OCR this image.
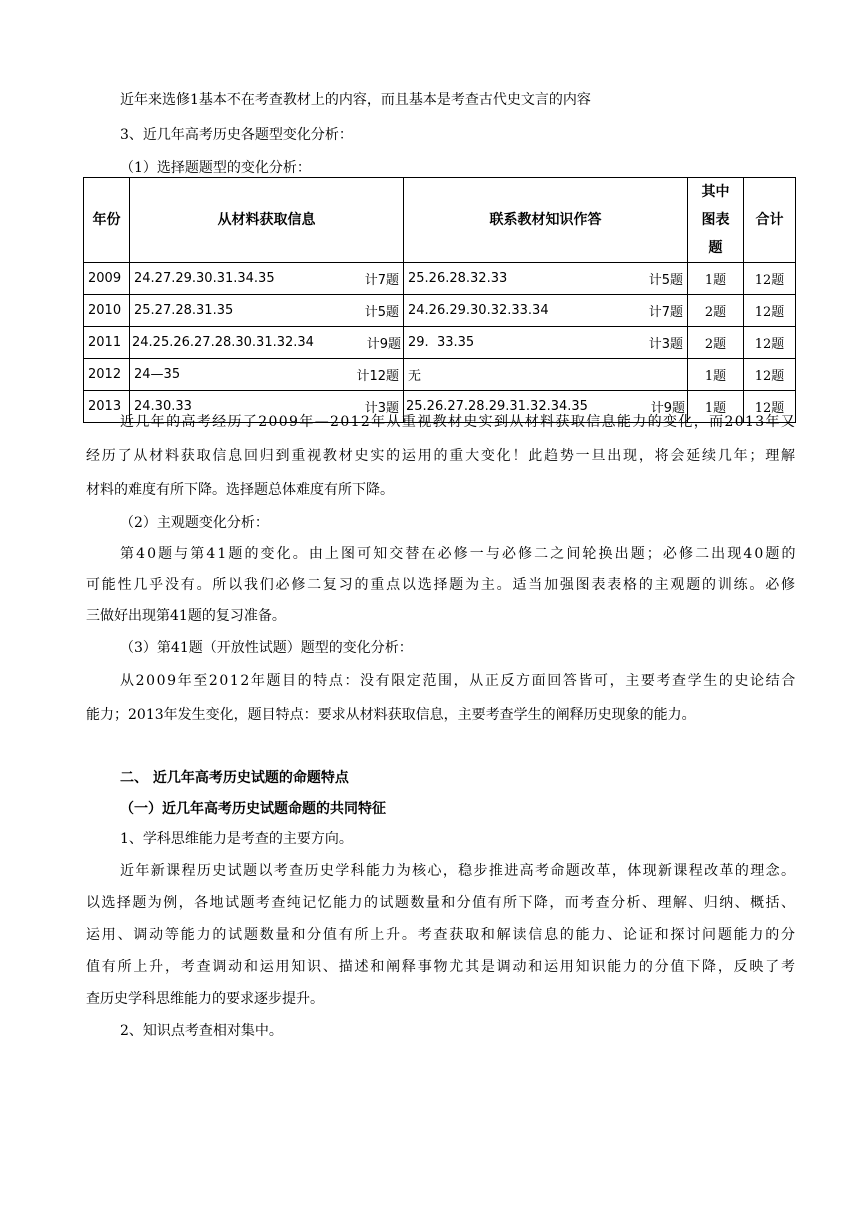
近年来选修1基本不在考查教材上的内容，而且基本是考查古代史文言的内容
3、近几年高考历史各题型变化分析：
（1）选择题题型的变化分析：
年份	从材料获取信息	联系教材知识作答	其中图表题	合计
2009	24.27.29.30.31.34.35 计7题	25.26.28.32.33 计5题	1题	12题
2010	25.27.28.31.35 计5题	24.26.29.30.32.33.34 计7题	2题	12题
2011	24.25.26.27.28.30.31.32.34 计9题	29.  33.35 计3题	2题	12题
2012	24—35 计12题	无	1题	12题
2013	24.30.33 计3题	25.26.27.28.29.31.32.34.35 计9题	1题	12题
近几年的高考经历了2009年—2012年从重视教材史实到从材料获取信息能力的变化，而2013年又
经历了从材料获取信息回归到重视教材史实的运用的重大变化！此趋势一旦出现，将会延续几年；理解
材料的难度有所下降。选择题总体难度有所下降。
（2）主观题变化分析：
第40题与第41题的变化。由上图可知交替在必修一与必修二之间轮换出题；必修二出现40题的
可能性几乎没有。所以我们必修二复习的重点以选择题为主。适当加强图表表格的主观题的训练。必修
三做好出现第41题的复习准备。
（3）第41题（开放性试题）题型的变化分析：
从2009年至2012年题目的特点：没有限定范围，从正反方面回答皆可，主要考查学生的史论结合
能力；2013年发生变化，题目特点：要求从材料获取信息，主要考查学生的阐释历史现象的能力。
二、 近几年高考历史试题的命题特点
（一）近几年高考历史试题命题的共同特征
1、学科思维能力是考查的主要方向。
近年新课程历史试题以考查历史学科能力为核心，稳步推进高考命题改革，体现新课程改革的理念。
以选择题为例，各地试题考查纯记忆能力的试题数量和分值有所下降，而考查分析、理解、归纳、概括、
运用、调动等能力的试题数量和分值有所上升。考查获取和解读信息的能力、论证和探讨问题能力的分
值有所上升，考查调动和运用知识、描述和阐释事物尤其是调动和运用知识能力的分值下降，反映了考
查历史学科思维能力的要求逐步提升。
2、知识点考查相对集中。
